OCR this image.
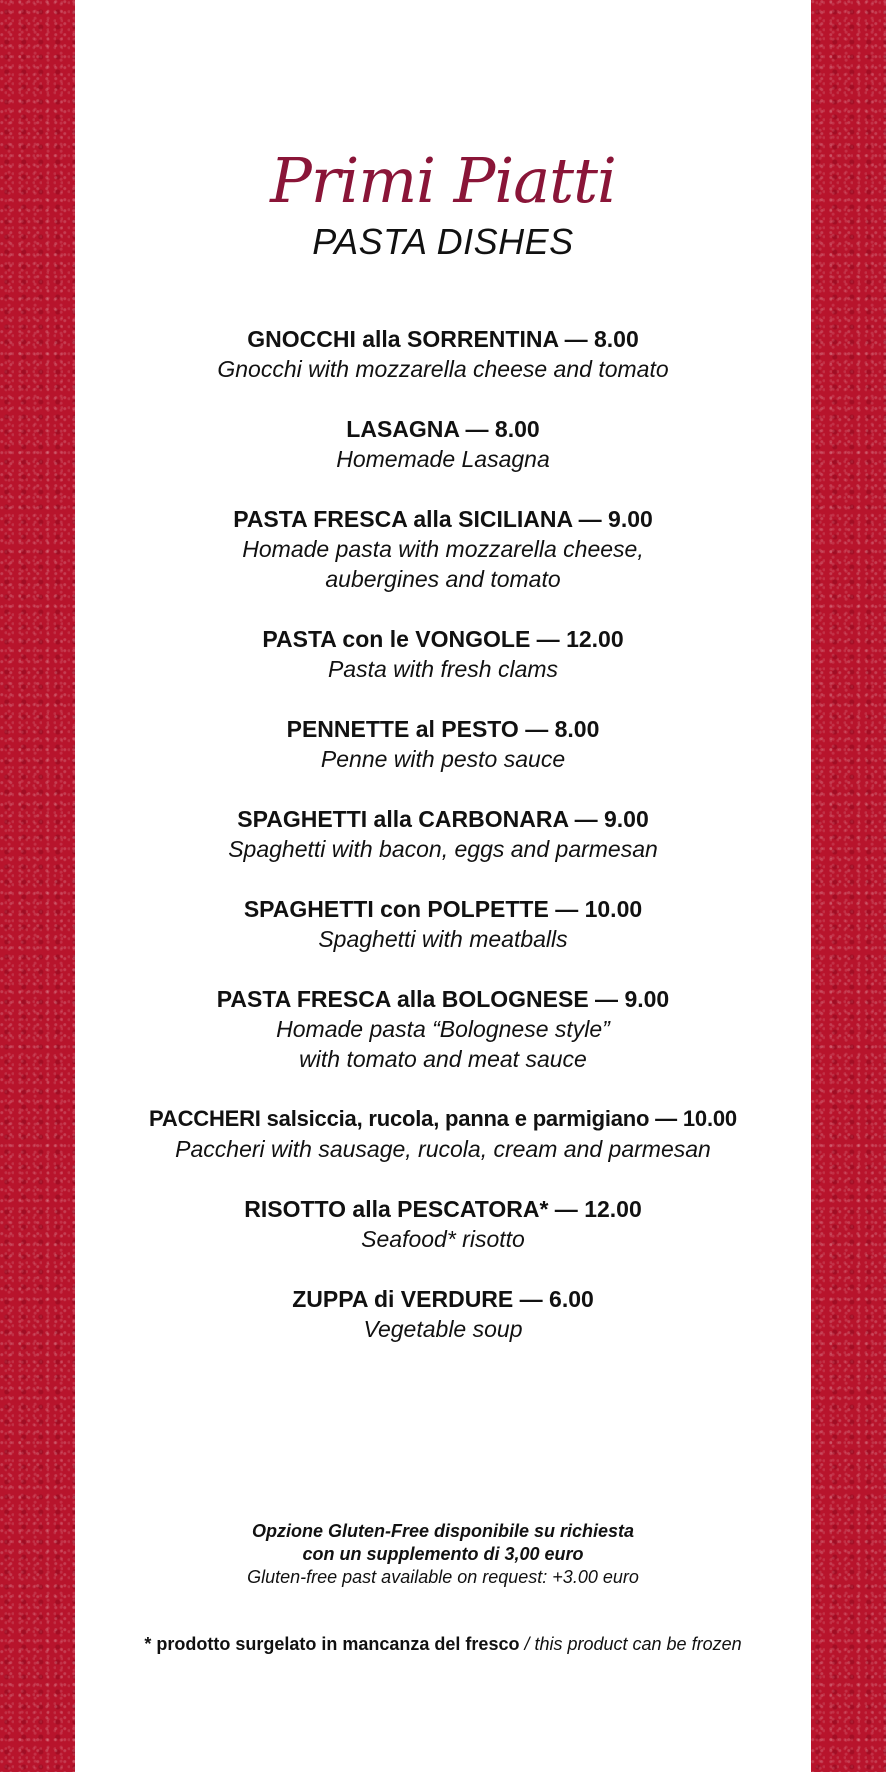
Primi Piatti
PASTA DISHES
GNOCCHI alla SORRENTINA — 8.00
Gnocchi with mozzarella cheese and tomato
LASAGNA — 8.00
Homemade Lasagna
PASTA FRESCA alla SICILIANA — 9.00
Homade pasta with mozzarella cheese,
aubergines and tomato
PASTA con le VONGOLE — 12.00
Pasta with fresh clams
PENNETTE al PESTO — 8.00
Penne with pesto sauce
SPAGHETTI alla CARBONARA — 9.00
Spaghetti with bacon, eggs and parmesan
SPAGHETTI con POLPETTE — 10.00
Spaghetti with meatballs
PASTA FRESCA alla BOLOGNESE — 9.00
Homade pasta “Bolognese style”
with tomato and meat sauce
PACCHERI salsiccia, rucola, panna e parmigiano — 10.00
Paccheri with sausage, rucola, cream and parmesan
RISOTTO alla PESCATORA* — 12.00
Seafood* risotto
ZUPPA di VERDURE — 6.00
Vegetable soup
Opzione Gluten-Free disponibile su richiesta
con un supplemento di 3,00 euro
Gluten-free past available on request: +3.00 euro
* prodotto surgelato in mancanza del fresco / this product can be frozen
